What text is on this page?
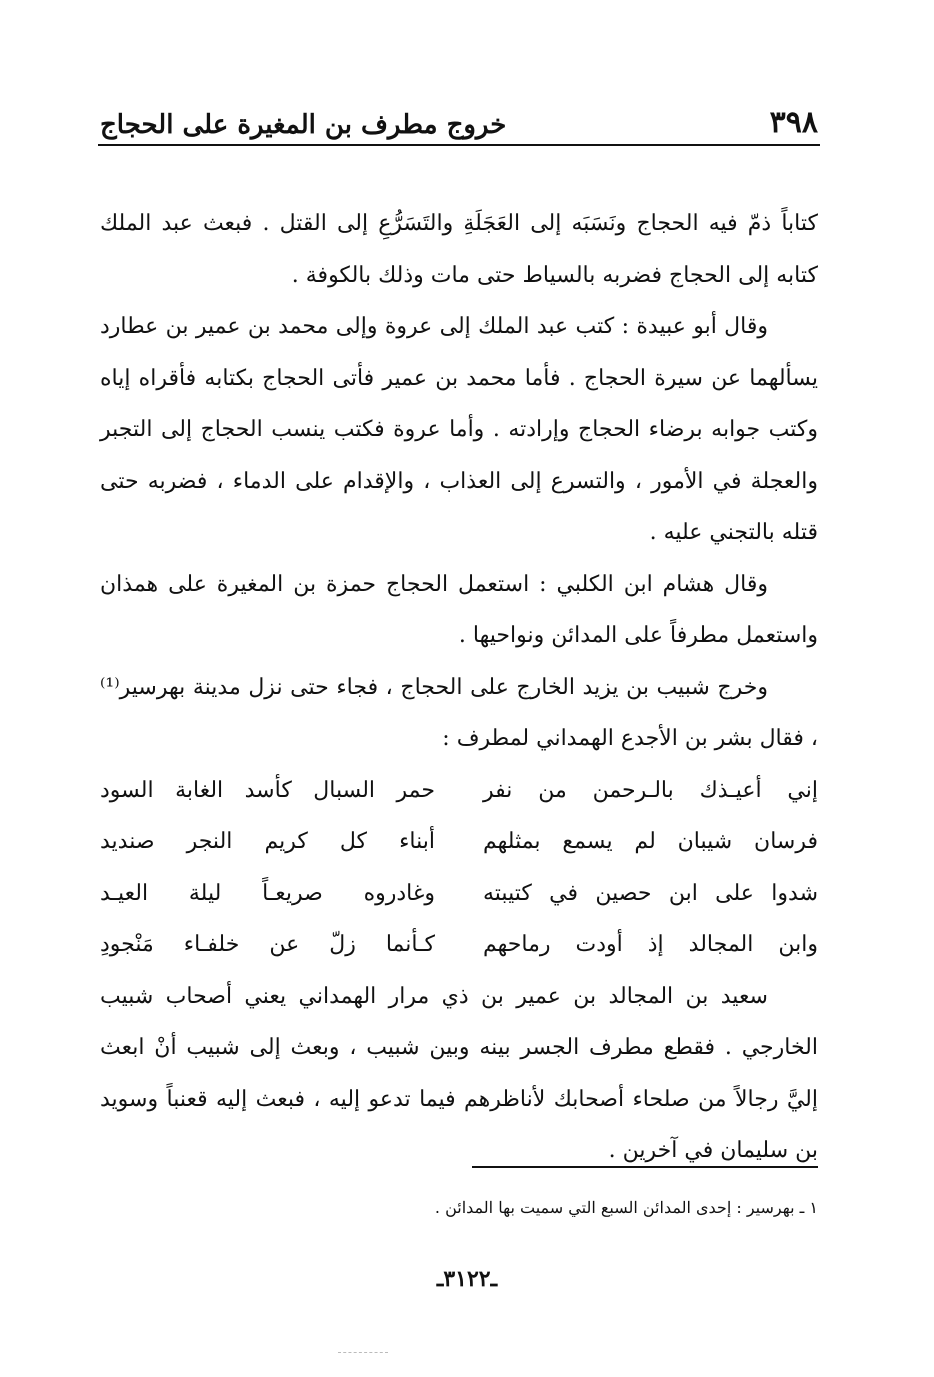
٣٩٨
خروج مطرف بن المغيرة على الحجاج

كتاباً ذمّ فيه الحجاج ونَسَبَه إلى العَجَلَةِ والتَسَرُّعِ إلى القتل . فبعث عبد الملك كتابه إلى الحجاج فضربه بالسياط حتى مات وذلك بالكوفة .

وقال أبو عبيدة : كتب عبد الملك إلى عروة وإلى محمد بن عمير بن عطارد يسألهما عن سيرة الحجاج . فأما محمد بن عمير فأتى الحجاج بكتابه فأقراه إياه وكتب جوابه برضاء الحجاج وإرادته . وأما عروة فكتب ينسب الحجاج إلى التجبر والعجلة في الأمور ، والتسرع إلى العذاب ، والإقدام على الدماء ، فضربه حتى قتله بالتجني عليه .

وقال هشام ابن الكلبي : استعمل الحجاج حمزة بن المغيرة على همذان واستعمل مطرفاً على المدائن ونواحيها .

وخرج شبيب بن يزيد الخارج على الحجاج ، فجاء حتى نزل مدينة بهرسير⁽¹⁾ ، فقال بشر بن الأجدع الهمداني لمطرف :

إني أعيـذك بالـرحمن من نفر
حمر السبال كأسد الغابة السود
فرسان شيبان لم يسمع بمثلهم
أبناء كل كريم النجر صنديد
شدوا على ابن حصين في كتيبته
وغادروه صريعـاً ليلة العيـد
وابن المجالد إذ أودت رماحهم
كـأنما زلّ عن خلفـاء مَنْجودِ

سعيد بن المجالد بن عمير بن ذي مرار الهمداني يعني أصحاب شبيب الخارجي . فقطع مطرف الجسر بينه وبين شبيب ، وبعث إلى شبيب أنْ ابعث إليَّ رجالاً من صلحاء أصحابك لأناظرهم فيما تدعو إليه ، فبعث إليه قعنباً وسويد بن سليمان في آخرين .

١ ـ بهرسير : إحدى المدائن السبع التي سميت بها المدائن .
ـ٣١٢٢ـ
